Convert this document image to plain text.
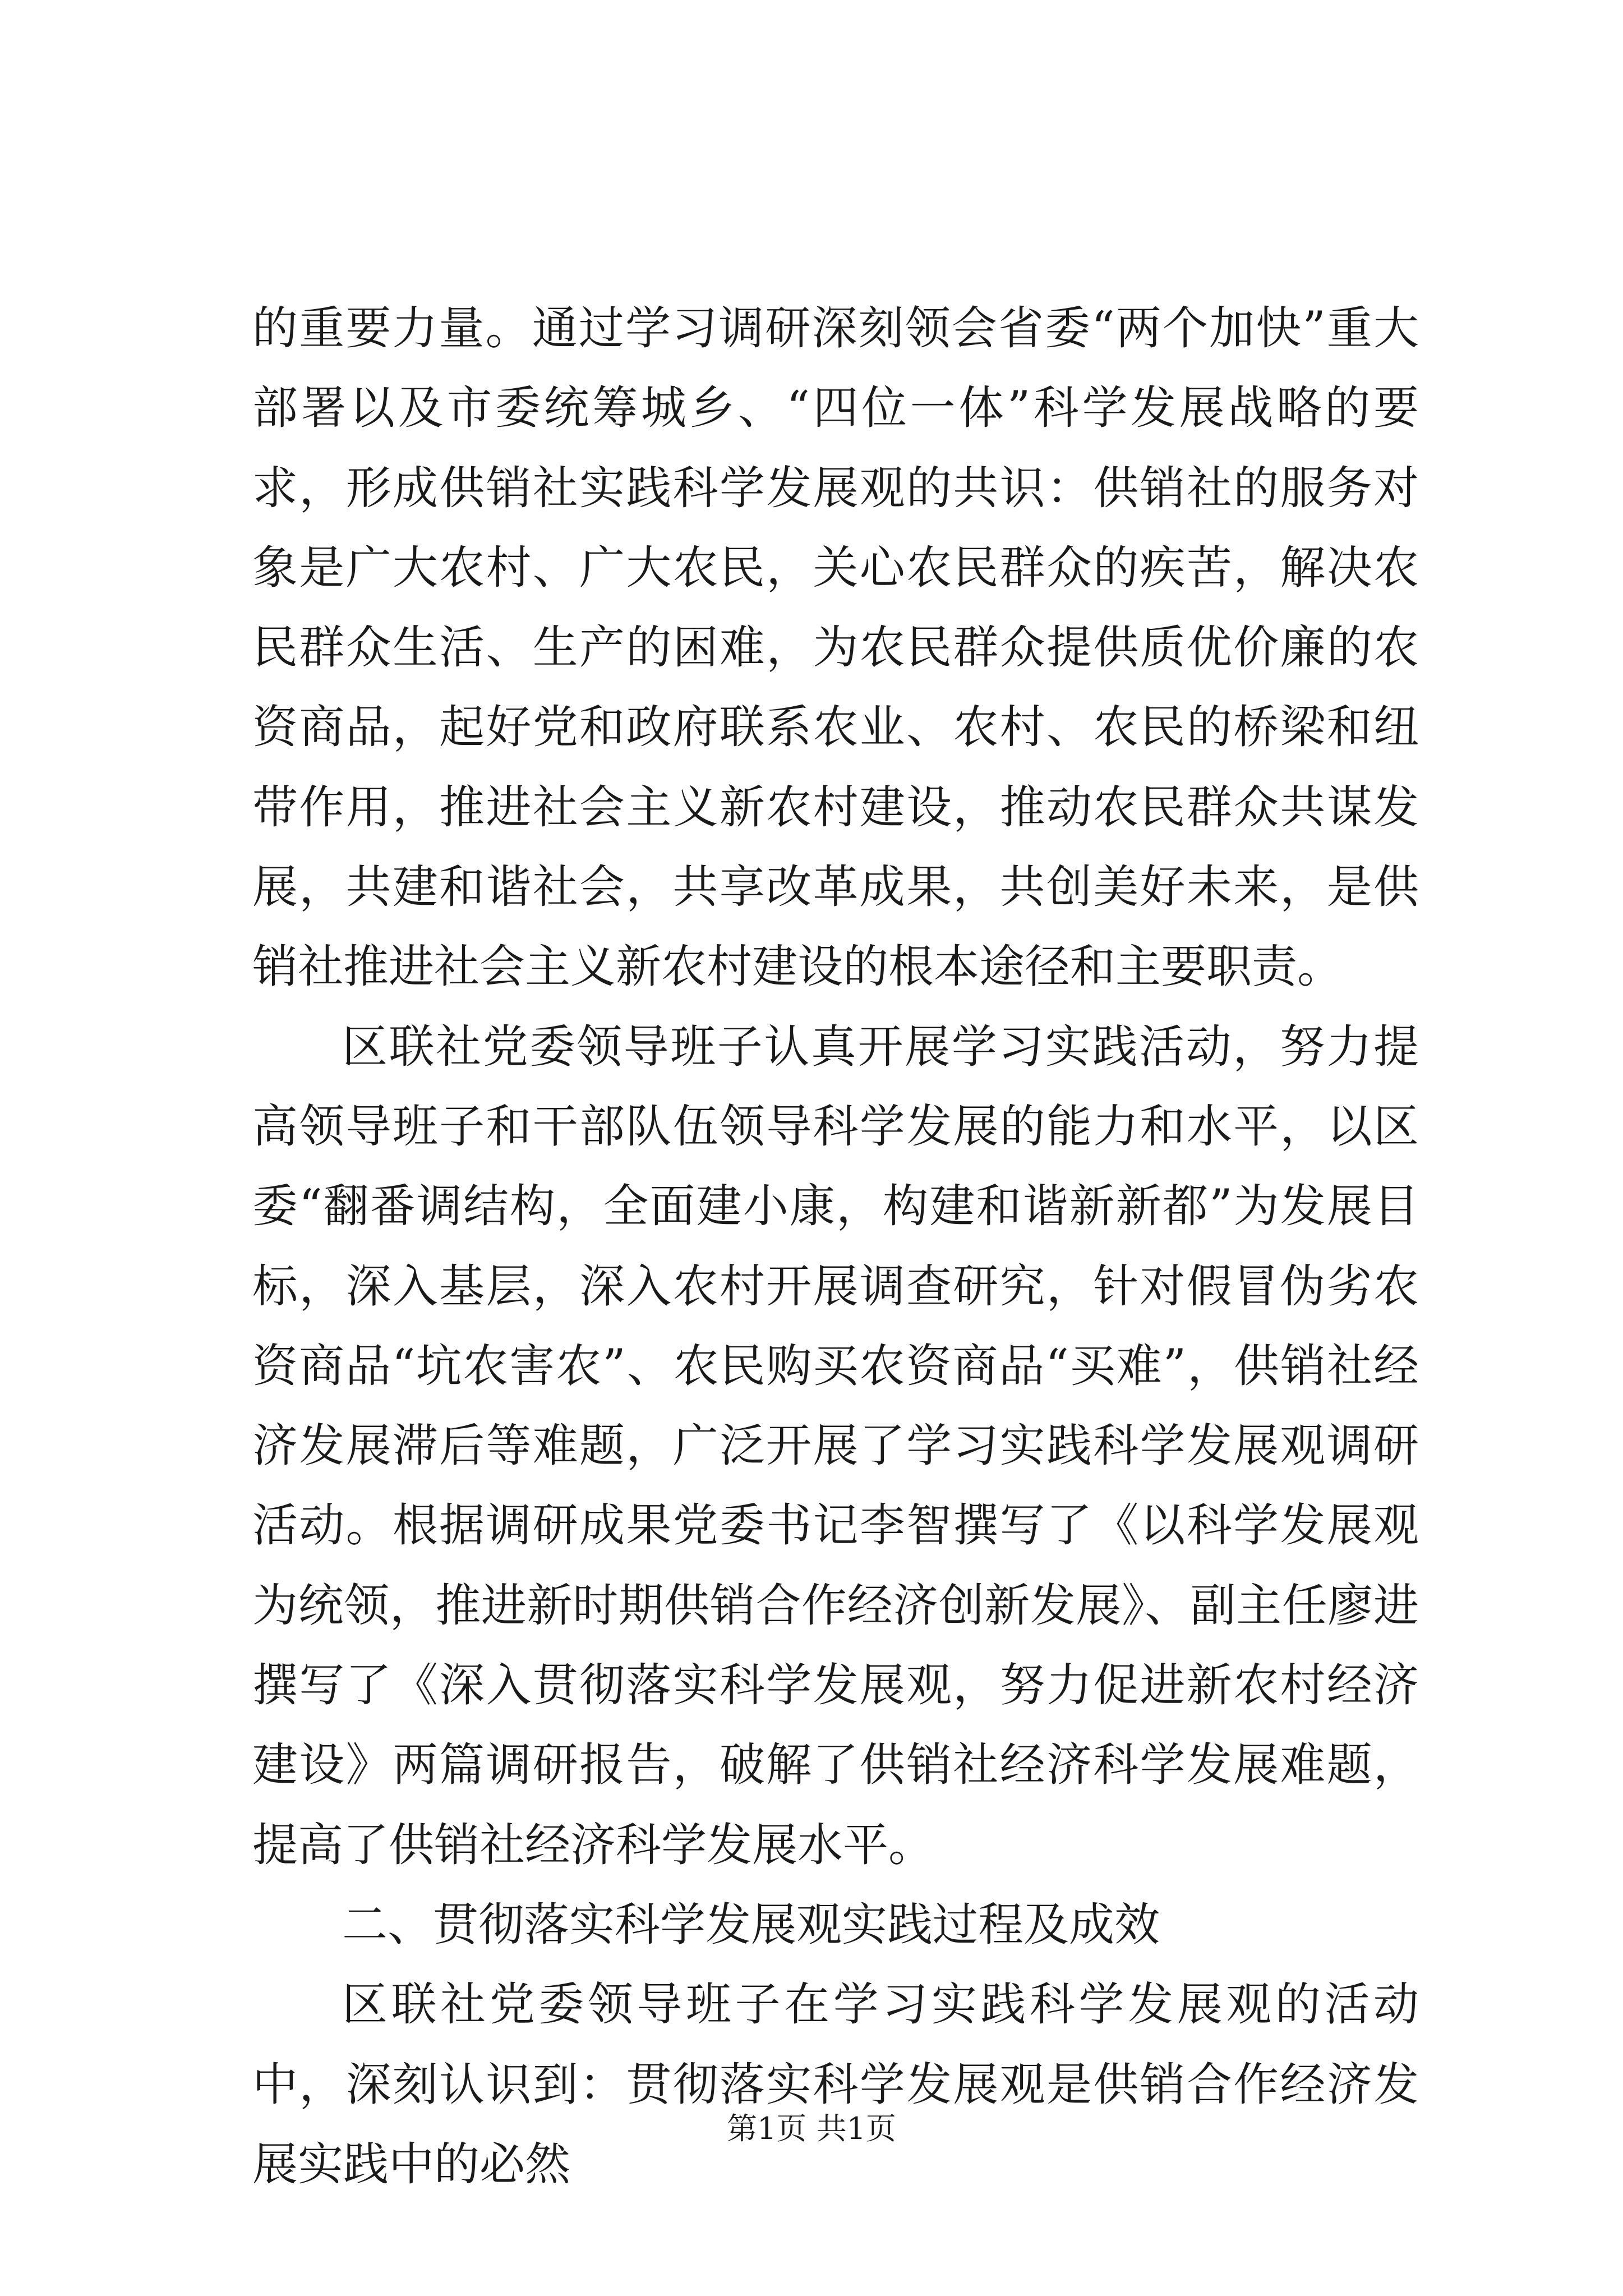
的重要力量。通过学习调研深刻领会省委“两个加快”重大部署以及市委统筹城乡、“四位一体”科学发展战略的要求，形成供销社实践科学发展观的共识：供销社的服务对象是广大农村、广大农民，关心农民群众的疾苦，解决农民群众生活、生产的困难，为农民群众提供质优价廉的农资商品，起好党和政府联系农业、农村、农民的桥梁和纽带作用，推进社会主义新农村建设，推动农民群众共谋发展，共建和谐社会，共享改革成果，共创美好未来，是供销社推进社会主义新农村建设的根本途径和主要职责。

区联社党委领导班子认真开展学习实践活动，努力提高领导班子和干部队伍领导科学发展的能力和水平，以区委“翻番调结构，全面建小康，构建和谐新新都”为发展目标，深入基层，深入农村开展调查研究，针对假冒伪劣农资商品“坑农害农”、农民购买农资商品“买难”，供销社经济发展滞后等难题，广泛开展了学习实践科学发展观调研活动。根据调研成果党委书记李智撰写了《以科学发展观为统领，推进新时期供销合作经济创新发展》、副主任廖进撰写了《深入贯彻落实科学发展观，努力促进新农村经济建设》两篇调研报告，破解了供销社经济科学发展难题，提高了供销社经济科学发展水平。

二、贯彻落实科学发展观实践过程及成效

区联社党委领导班子在学习实践科学发展观的活动中，深刻认识到：贯彻落实科学发展观是供销合作经济发展实践中的必然

第1页 共1页
